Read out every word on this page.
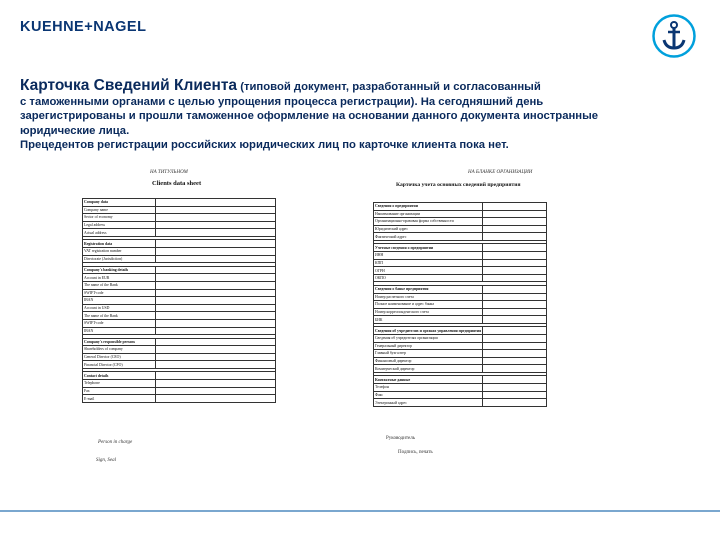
KUEHNE+NAGEL
Карточка Сведений Клиента (типовой документ, разработанный и согласованный
с таможенными органами с целью упрощения процесса регистрации). На сегодняшний день
зарегистрированы и прошли таможенное оформление на основании данного документа иностранные
юридические лица.
Прецедентов регистрации российских юридических лиц по карточке клиента пока нет.
НА ТИТУЛЬНОМ
Clients data sheet
Company data	
Company name	
Sector of economy	
Legal address	
Actual address	

Registration data	
VAT registration number	
Directorate (Jurisdiction)	

Company's banking details	
Account in EUR	
The name of the Bank	
SWIFT-code	
IBAN	
Account in USD	
The name of the Bank	
SWIFT-code	
IBAN	

Company's responsible persons	
Shareholders of company	
General Director (CEO)	
Financial Director (CFO)	

Contact details	
Telephone	
Fax	
E-mail	
Person in charge
Sign, Seal
НА БЛАНКЕ ОРГАНИЗАЦИИ
Карточка учета основных сведений предприятия
Сведения о предприятии	
Наименование организации	
Организационно-правовая форма собственности	
Юридический адрес	
Фактический адрес	

Учетные сведения о предприятии	
ИНН	
КПП	
ОГРН	
ОКПО	

Сведения о банке предприятия	
Номер расчетного счета	
Полное наименование и адрес банка	
Номер корреспондентского счета	
БИК	

Сведения об учредителях и органах управления предприятия	
Сведения об учредителях организации	
Генеральный директор	
Главный бухгалтер	
Финансовый директор	
Коммерческий директор	

Контактные данные	
Телефон	
Факс	
Электронный адрес	
Руководитель
Подпись, печать
